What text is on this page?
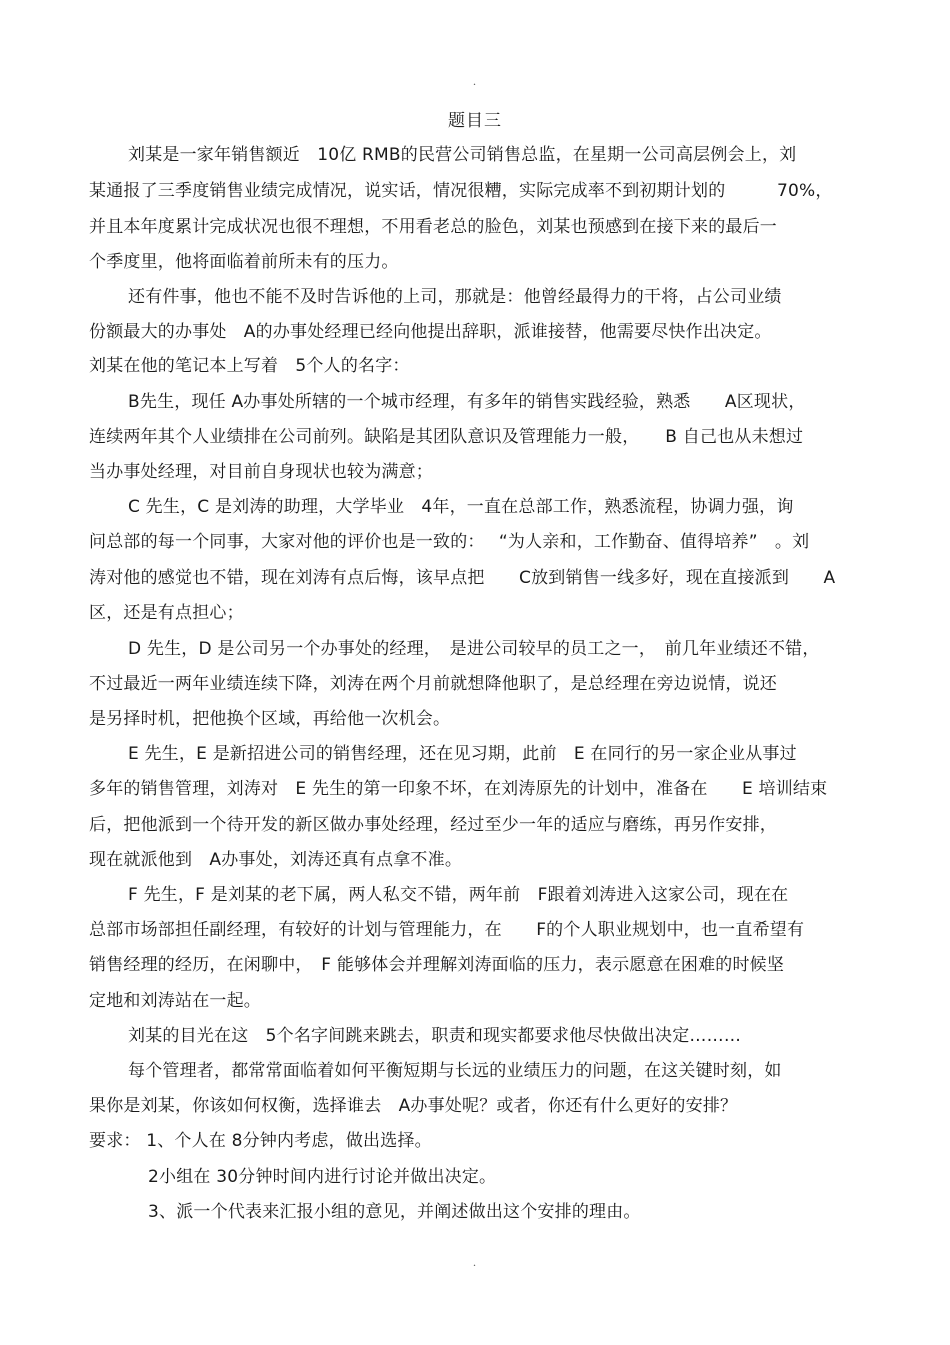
.
题目三
刘某是一家年销售额近　10亿 RMB的民营公司销售总监，在星期一公司高层例会上，刘
某通报了三季度销售业绩完成情况，说实话，情况很糟，实际完成率不到初期计划的　　　70%，
并且本年度累计完成状况也很不理想，不用看老总的脸色，刘某也预感到在接下来的最后一
个季度里，他将面临着前所未有的压力。
还有件事，他也不能不及时告诉他的上司，那就是：他曾经最得力的干将，占公司业绩
份额最大的办事处　A的办事处经理已经向他提出辞职，派谁接替，他需要尽快作出决定。
刘某在他的笔记本上写着　5个人的名字：
B先生，现任 A办事处所辖的一个城市经理，有多年的销售实践经验，熟悉　　A区现状，
连续两年其个人业绩排在公司前列。缺陷是其团队意识及管理能力一般，　　B 自己也从未想过
当办事处经理，对目前自身现状也较为满意；
C 先生，C 是刘涛的助理，大学毕业　4年，一直在总部工作，熟悉流程，协调力强，询
问总部的每一个同事，大家对他的评价也是一致的：　 “为人亲和，工作勤奋、值得培养”　。刘
涛对他的感觉也不错，现在刘涛有点后悔，该早点把　　C放到销售一线多好，现在直接派到　　A
区，还是有点担心；
D 先生，D 是公司另一个办事处的经理，　是进公司较早的员工之一，　前几年业绩还不错，
不过最近一两年业绩连续下降，刘涛在两个月前就想降他职了，是总经理在旁边说情，说还
是另择时机，把他换个区域，再给他一次机会。
E 先生，E 是新招进公司的销售经理，还在见习期，此前　E 在同行的另一家企业从事过
多年的销售管理，刘涛对　E 先生的第一印象不坏，在刘涛原先的计划中，准备在　　E 培训结束
后，把他派到一个待开发的新区做办事处经理，经过至少一年的适应与磨练，再另作安排，
现在就派他到　A办事处，刘涛还真有点拿不准。
F 先生，F 是刘某的老下属，两人私交不错，两年前　F跟着刘涛进入这家公司，现在在
总部市场部担任副经理，有较好的计划与管理能力，在　　F的个人职业规划中，也一直希望有
销售经理的经历，在闲聊中，　F 能够体会并理解刘涛面临的压力，表示愿意在困难的时候坚
定地和刘涛站在一起。
刘某的目光在这　5个名字间跳来跳去，职责和现实都要求他尽快做出决定………
每个管理者，都常常面临着如何平衡短期与长远的业绩压力的问题，在这关键时刻，如
果你是刘某，你该如何权衡，选择谁去　A办事处呢？或者，你还有什么更好的安排？
要求： 1、个人在 8分钟内考虑，做出选择。
2小组在 30分钟时间内进行讨论并做出决定。
3、派一个代表来汇报小组的意见，并阐述做出这个安排的理由。
.
